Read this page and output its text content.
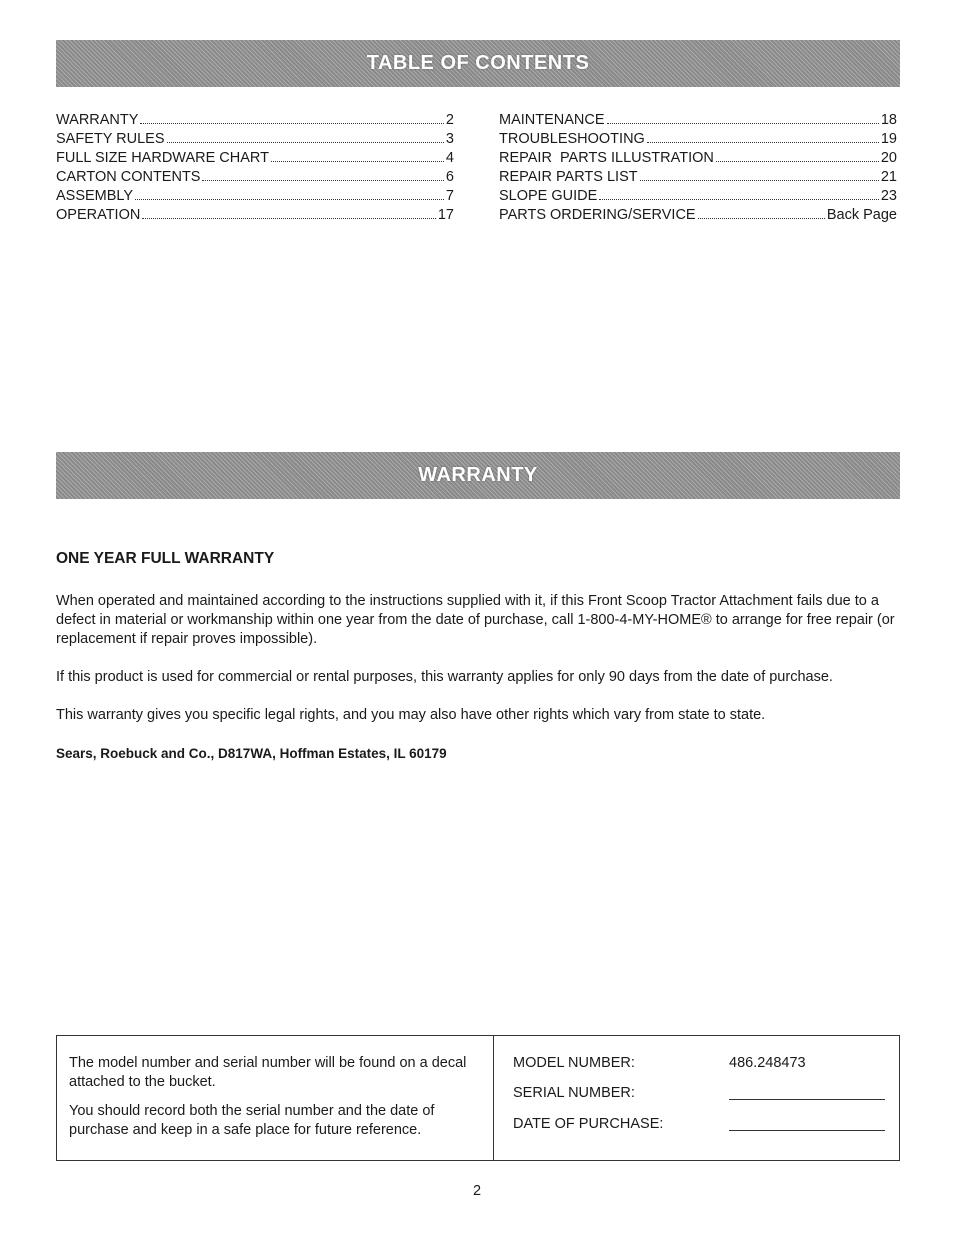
TABLE OF CONTENTS
WARRANTY	2
SAFETY RULES	3
FULL SIZE HARDWARE CHART	4
CARTON CONTENTS	6
ASSEMBLY	7
OPERATION	17
MAINTENANCE	18
TROUBLESHOOTING	19
REPAIR  PARTS ILLUSTRATION	20
REPAIR PARTS LIST	21
SLOPE GUIDE	23
PARTS ORDERING/SERVICE	Back Page
WARRANTY
ONE YEAR FULL WARRANTY

When operated and maintained according to the instructions supplied with it, if this Front Scoop Tractor Attachment fails due to a defect in material or workmanship within one year from the date of purchase, call 1-800-4-MY-HOME® to arrange for free repair (or replacement if repair proves impossible).

If this product is used for commercial or rental purposes, this warranty applies for only 90 days from the date of purchase.

This warranty gives you specific legal rights, and you may also have other rights which vary from state to state.

Sears, Roebuck and Co., D817WA, Hoffman Estates, IL 60179

The model number and serial number will be found on a decal attached to the bucket.

You should record both the serial number and the date of purchase and keep in a safe place for future reference.

MODEL NUMBER:	486.248473
SERIAL NUMBER:
DATE OF PURCHASE:
2
